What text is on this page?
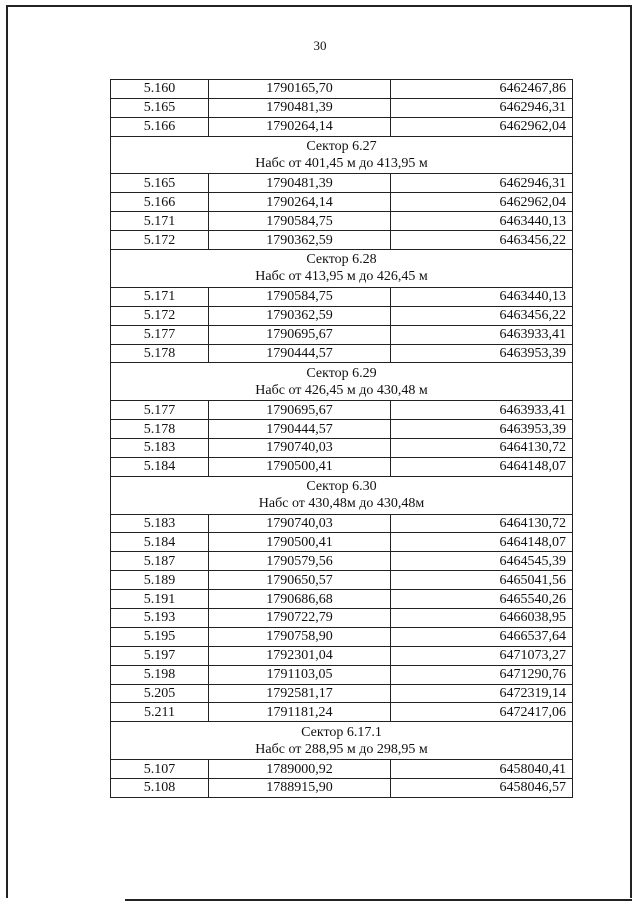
30
5.160	1790165,70	6462467,86
5.165	1790481,39	6462946,31
5.166	1790264,14	6462962,04

Сектор 6.27
Набс от 401,45 м до 413,95 м		

5.165	1790481,39	6462946,31
5.166	1790264,14	6462962,04
5.171	1790584,75	6463440,13
5.172	1790362,59	6463456,22

Сектор 6.28
Набс от 413,95 м до 426,45 м		

5.171	1790584,75	6463440,13
5.172	1790362,59	6463456,22
5.177	1790695,67	6463933,41
5.178	1790444,57	6463953,39

Сектор 6.29
Набс от 426,45 м до 430,48 м		

5.177	1790695,67	6463933,41
5.178	1790444,57	6463953,39
5.183	1790740,03	6464130,72
5.184	1790500,41	6464148,07

Сектор 6.30
Набс от 430,48м до 430,48м		

5.183	1790740,03	6464130,72
5.184	1790500,41	6464148,07
5.187	1790579,56	6464545,39
5.189	1790650,57	6465041,56
5.191	1790686,68	6465540,26
5.193	1790722,79	6466038,95
5.195	1790758,90	6466537,64
5.197	1792301,04	6471073,27
5.198	1791103,05	6471290,76
5.205	1792581,17	6472319,14
5.211	1791181,24	6472417,06

Сектор 6.17.1
Набс от 288,95 м до 298,95 м		

5.107	1789000,92	6458040,41
5.108	1788915,90	6458046,57
